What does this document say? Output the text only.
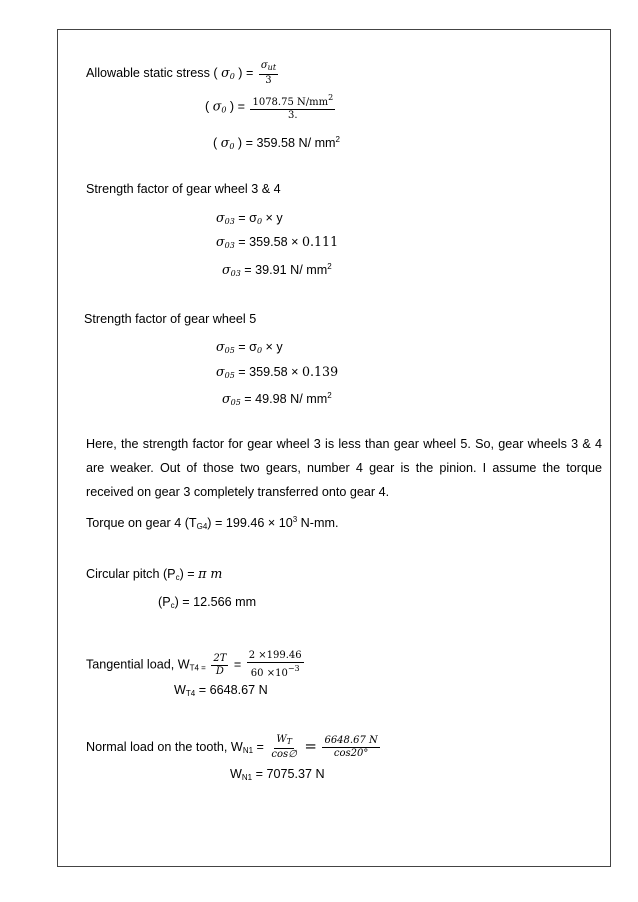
Allowable static stress ( $\sigma_0$ ) = $\frac{\sigma_{ut}}{3}$
( $\sigma_0$ ) = $\frac{1078.75 N/mm^2}{3.}$
( $\sigma_0$ ) = 359.58 N/ $mm^2$
Strength factor of gear wheel 3 & 4
$\sigma_{03} = \sigma_0 \times y$
$\sigma_{03} = 359.58 \times 0.111$
$\sigma_{03} = 39.91$ N/ $mm^2$
Strength factor of gear wheel 5
$\sigma_{05} = \sigma_0 \times y$
$\sigma_{05} = 359.58 \times 0.139$
$\sigma_{05} = 49.98$ N/ $mm^2$
Here, the strength factor for gear wheel 3 is less than gear wheel 5. So, gear wheels 3 & 4 are weaker. Out of those two gears, number 4 gear is the pinion. I assume the torque received on gear 3 completely transferred onto gear 4.
Torque on gear 4 $(T_{G4}) = 199.46 \times 10^3$ N-mm.
Circular pitch $(P_c) = \pi$ m
$(P_c) = 12.566$ mm
Tangential load, $W_{T4 =} \frac{2T}{D} = \frac{2 \times 199.46}{60 \times 10^{-3}}$
$W_{T4} = 6648.67$ N
Normal load on the tooth, $W_{N1} = \frac{W_T}{\cos\emptyset} = \frac{6648.67 N}{\cos 20^\circ}$
$W_{N1} = 7075.37$ N
